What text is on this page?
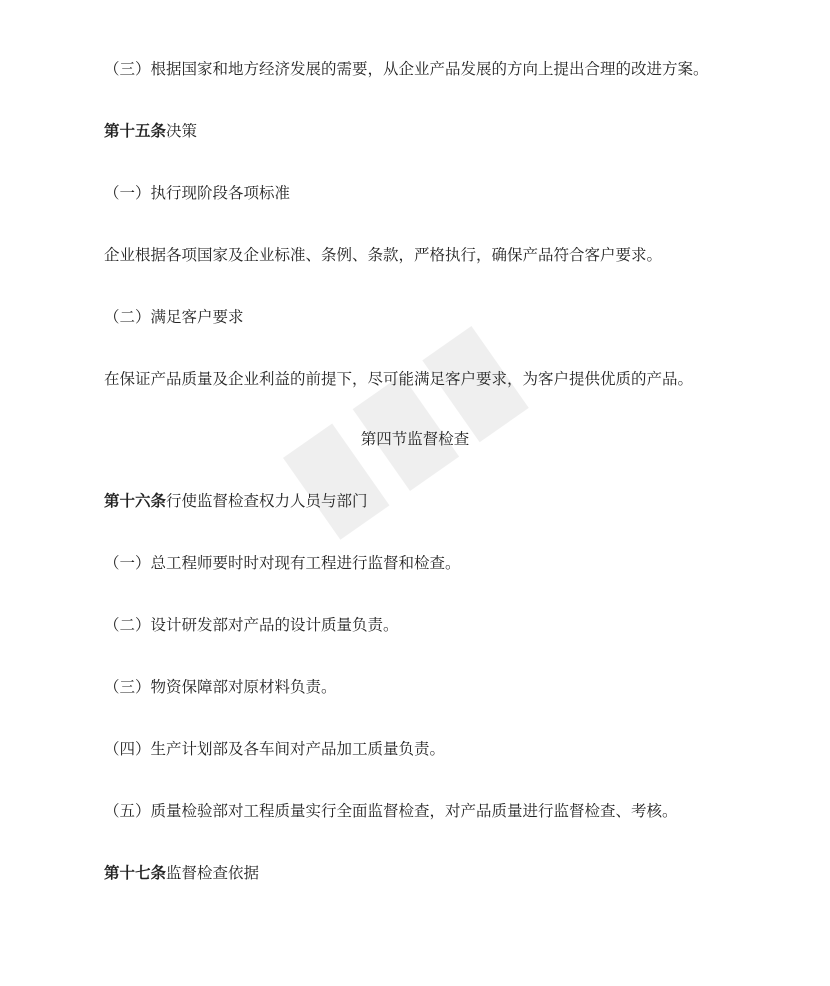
（三）根据国家和地方经济发展的需要，从企业产品发展的方向上提出合理的改进方案。
第十五条决策
（一）执行现阶段各项标准
企业根据各项国家及企业标准、条例、条款，严格执行，确保产品符合客户要求。
（二）满足客户要求
在保证产品质量及企业利益的前提下，尽可能满足客户要求，为客户提供优质的产品。
第四节监督检查
第十六条行使监督检查权力人员与部门
（一）总工程师要时时对现有工程进行监督和检查。
（二）设计研发部对产品的设计质量负责。
（三）物资保障部对原材料负责。
（四）生产计划部及各车间对产品加工质量负责。
（五）质量检验部对工程质量实行全面监督检查，对产品质量进行监督检查、考核。
第十七条监督检查依据
